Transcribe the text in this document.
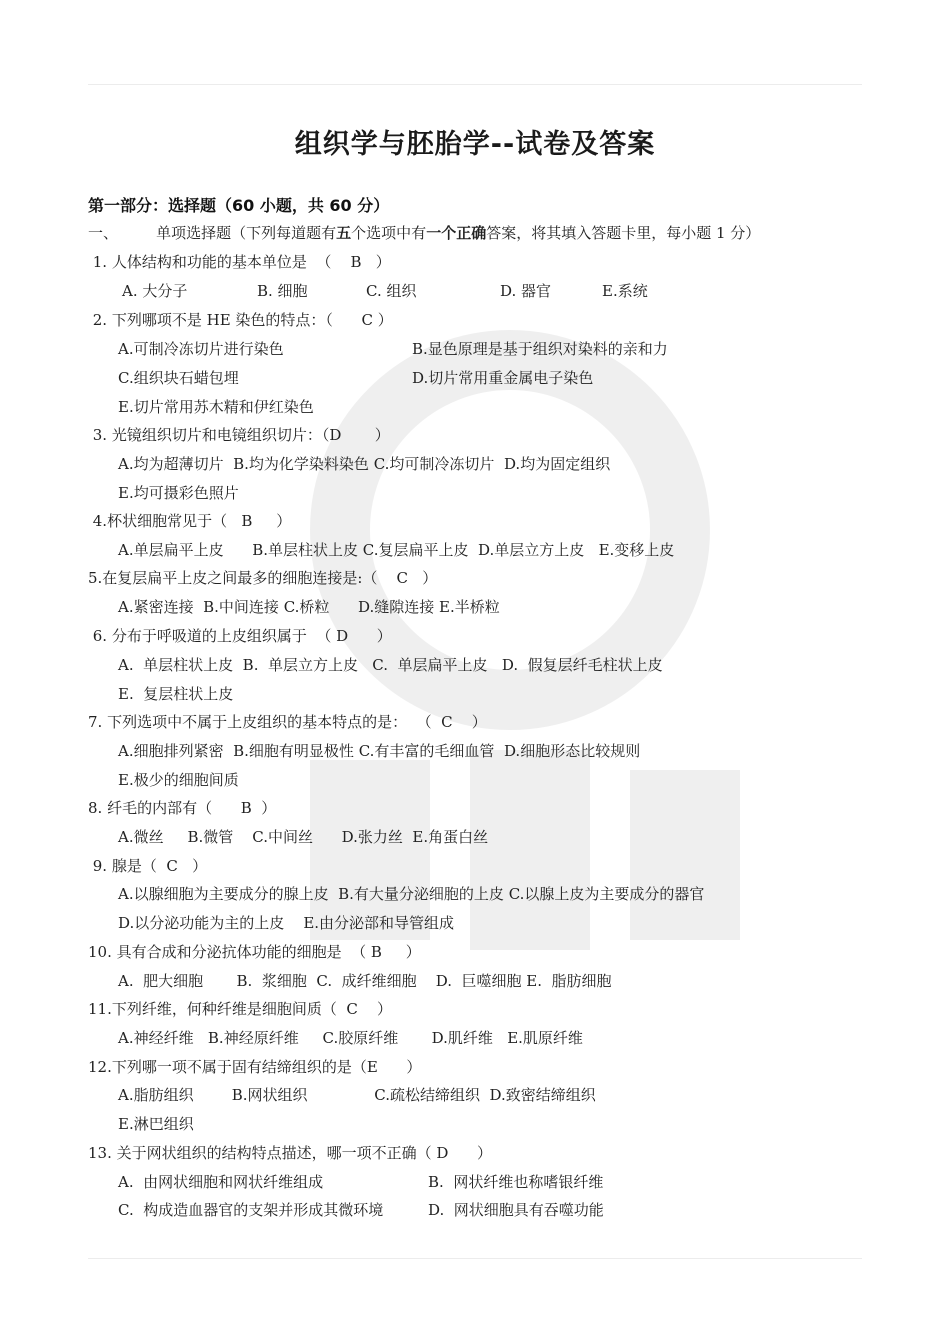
组织学与胚胎学--试卷及答案
第一部分：选择题（60 小题，共 60 分）
一、        单项选择题（下列每道题有五个选项中有一个正确答案，将其填入答题卡里，每小题 1 分）
1. 人体结构和功能的基本单位是  （    B   ）
A. 大分子	B. 细胞	C. 组织	D. 器官	E.系统
2. 下列哪项不是 HE 染色的特点：（      C ）
A.可制冷冻切片进行染色	B.显色原理是基于组织对染料的亲和力
C.组织块石蜡包埋	D.切片常用重金属电子染色
E.切片常用苏木精和伊红染色
3. 光镜组织切片和电镜组织切片：（D       ）
A.均为超薄切片  B.均为化学染料染色 C.均可制冷冻切片  D.均为固定组织
E.均可摄彩色照片
4.杯状细胞常见于（   B     ）
A.单层扁平上皮      B.单层柱状上皮 C.复层扁平上皮  D.单层立方上皮   E.变移上皮
5.在复层扁平上皮之间最多的细胞连接是:（    C   ）
A.紧密连接  B.中间连接 C.桥粒      D.缝隙连接 E.半桥粒
6. 分布于呼吸道的上皮组织属于  （ D      ）
A.  单层柱状上皮  B.  单层立方上皮   C.  单层扁平上皮   D.  假复层纤毛柱状上皮
E.  复层柱状上皮
7. 下列选项中不属于上皮组织的基本特点的是：  （  C    ）
A.细胞排列紧密  B.细胞有明显极性 C.有丰富的毛细血管  D.细胞形态比较规则
E.极少的细胞间质
8. 纤毛的内部有（      B  ）
A.微丝     B.微管    C.中间丝      D.张力丝  E.角蛋白丝
9. 腺是（  C   ）
A.以腺细胞为主要成分的腺上皮  B.有大量分泌细胞的上皮 C.以腺上皮为主要成分的器官
D.以分泌功能为主的上皮    E.由分泌部和导管组成
10. 具有合成和分泌抗体功能的细胞是  （ B     ）
A.  肥大细胞       B.  浆细胞  C.  成纤维细胞    D.  巨噬细胞 E.  脂肪细胞
11.下列纤维，何种纤维是细胞间质（  C    ）
A.神经纤维   B.神经原纤维     C.胶原纤维       D.肌纤维   E.肌原纤维
12.下列哪一项不属于固有结缔组织的是（E      ）
A.脂肪组织        B.网状组织              C.疏松结缔组织  D.致密结缔组织
E.淋巴组织
13. 关于网状组织的结构特点描述，哪一项不正确（ D      ）
A.  由网状细胞和网状纤维组成	B.  网状纤维也称嗜银纤维
C.  构成造血器官的支架并形成其微环境	D.  网状细胞具有吞噬功能
